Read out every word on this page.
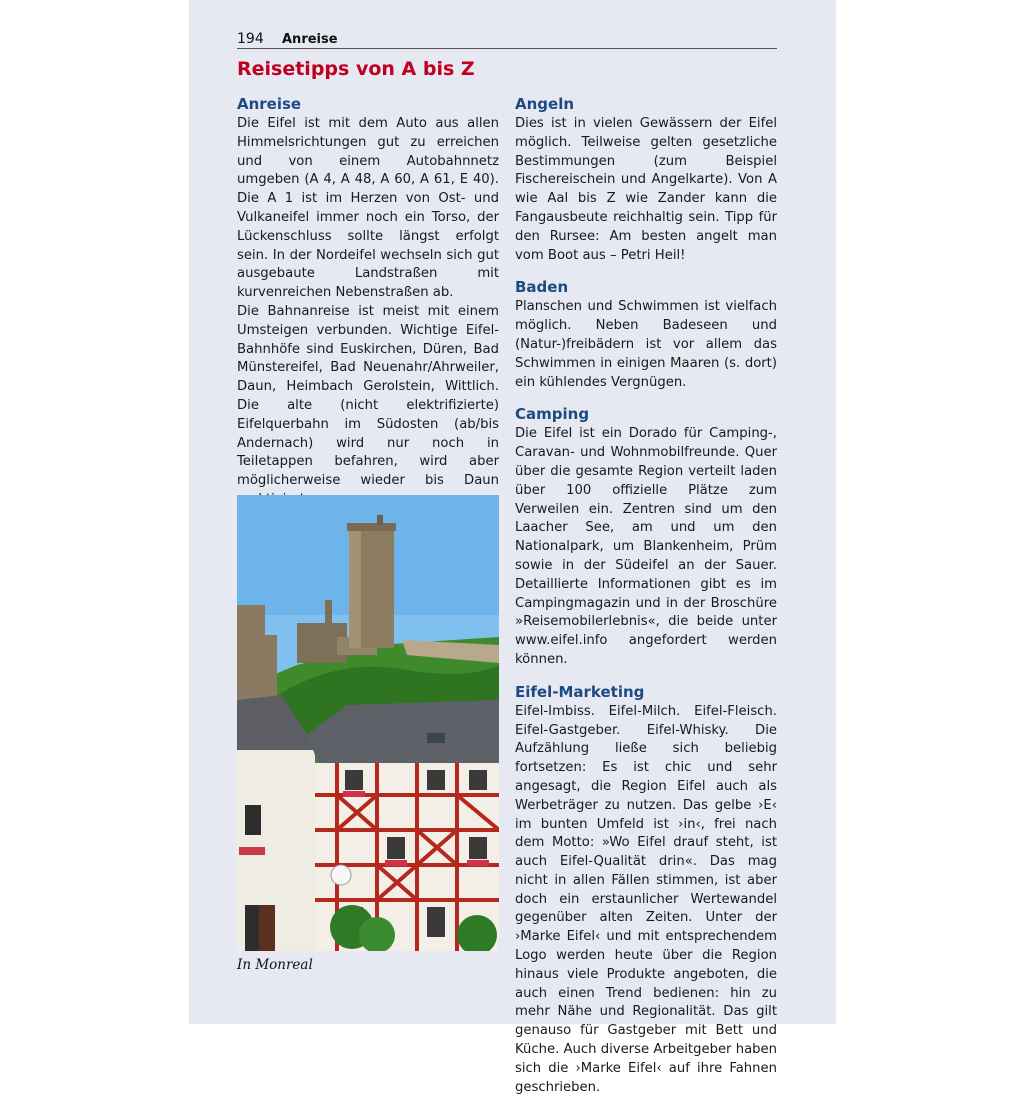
194 Anreise
Reisetipps von A bis Z
Anreise

Die Eifel ist mit dem Auto aus allen Himmelsrichtungen gut zu erreichen und von einem Autobahnnetz umgeben (A 4, A 48, A 60, A 61, E 40). Die A 1 ist im Herzen von Ost- und Vulkaneifel immer noch ein Torso, der Lückenschluss sollte längst erfolgt sein. In der Nordeifel wechseln sich gut ausgebaute Landstraßen mit kurvenreichen Nebenstraßen ab.

Die Bahnanreise ist meist mit einem Umsteigen verbunden. Wichtige Eifel-Bahnhöfe sind Euskirchen, Düren, Bad Münstereifel, Bad Neuenahr/Ahrweiler, Daun, Heimbach Gerolstein, Wittlich. Die alte (nicht elektrifizierte) Eifelquerbahn im Südosten (ab/bis Andernach) wird nur noch in Teiletappen befahren, wird aber möglicherweise wieder bis Daun

In Monreal
Angeln

Dies ist in vielen Gewässern der Eifel möglich. Teilweise gelten gesetzliche Bestimmungen (zum Beispiel Fischereischein und Angelkarte). Von A wie Aal bis Z wie Zander kann die Fangausbeute reichhaltig sein. Tipp für den Rursee: Am besten angelt man vom Boot aus – Petri Heil!

Baden

Planschen und Schwimmen ist vielfach möglich. Neben Badeseen und (Natur-)freibädern ist vor allem das Schwimmen in einigen Maaren (s. dort) ein kühlendes Vergnügen.

Camping

Die Eifel ist ein Dorado für Camping-, Caravan- und Wohnmobilfreunde. Quer über die gesamte Region verteilt laden über 100 offizielle Plätze zum Verweilen ein. Zentren sind um den Laacher See, am und um den Nationalpark, um Blankenheim, Prüm sowie in der Südeifel an der Sauer. Detaillierte Informationen gibt es im Campingmagazin und in der Broschüre »Reisemobilerlebnis«, die beide unter www.eifel.info angefordert werden können.

Eifel-Marketing

Eifel-Imbiss. Eifel-Milch. Eifel-Fleisch. Eifel-Gastgeber. Eifel-Whisky. Die Aufzählung ließe sich beliebig fortsetzen: Es ist chic und sehr angesagt, die Region Eifel auch als Werbeträger zu nutzen. Das gelbe ›E‹ im bunten Umfeld ist ›in‹, frei nach dem Motto: »Wo Eifel drauf steht, ist auch Eifel-Qualität drin«. Das mag nicht in allen Fällen stimmen, ist aber doch ein erstaunlicher Wertewandel gegenüber alten Zeiten. Unter der ›Marke Eifel‹ und mit entsprechendem Logo werden heute über die Region hinaus viele Produkte angeboten, die auch einen Trend bedienen: hin zu mehr Nähe und Regionalität. Das gilt genauso für Gastgeber mit Bett und Küche. Auch diverse Arbeitgeber haben sich die ›Marke Eifel‹ auf ihre Fahnen geschrieben.
